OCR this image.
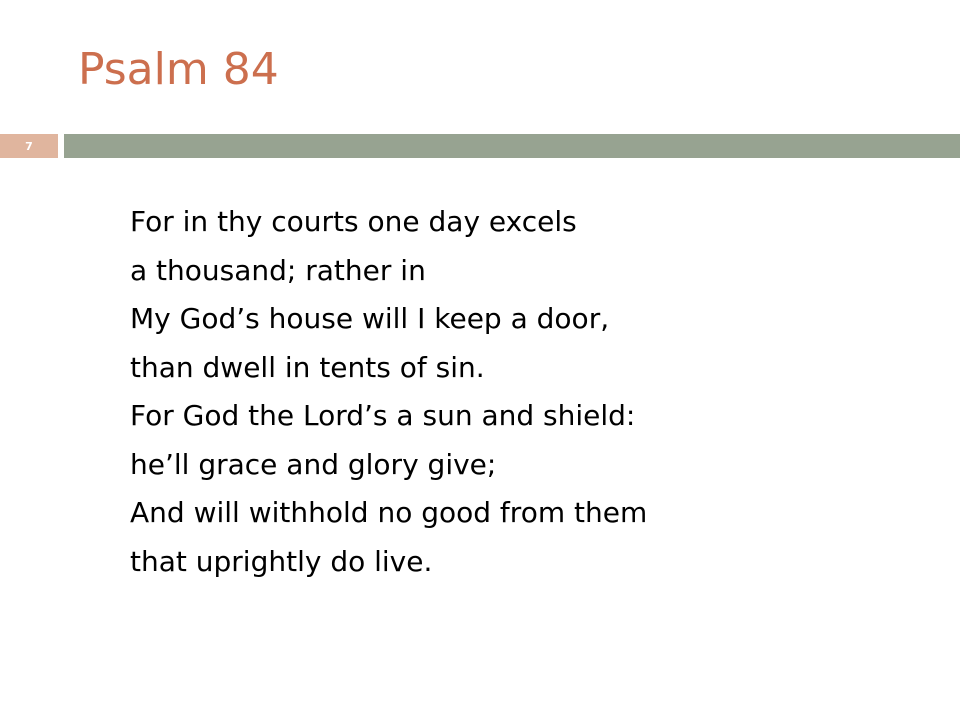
Psalm 84
7
For in thy courts one day excels
a thousand; rather in
My God’s house will I keep a door,
than dwell in tents of sin.
For God the Lord’s a sun and shield:
he’ll grace and glory give;
And will withhold no good from them
that uprightly do live.
